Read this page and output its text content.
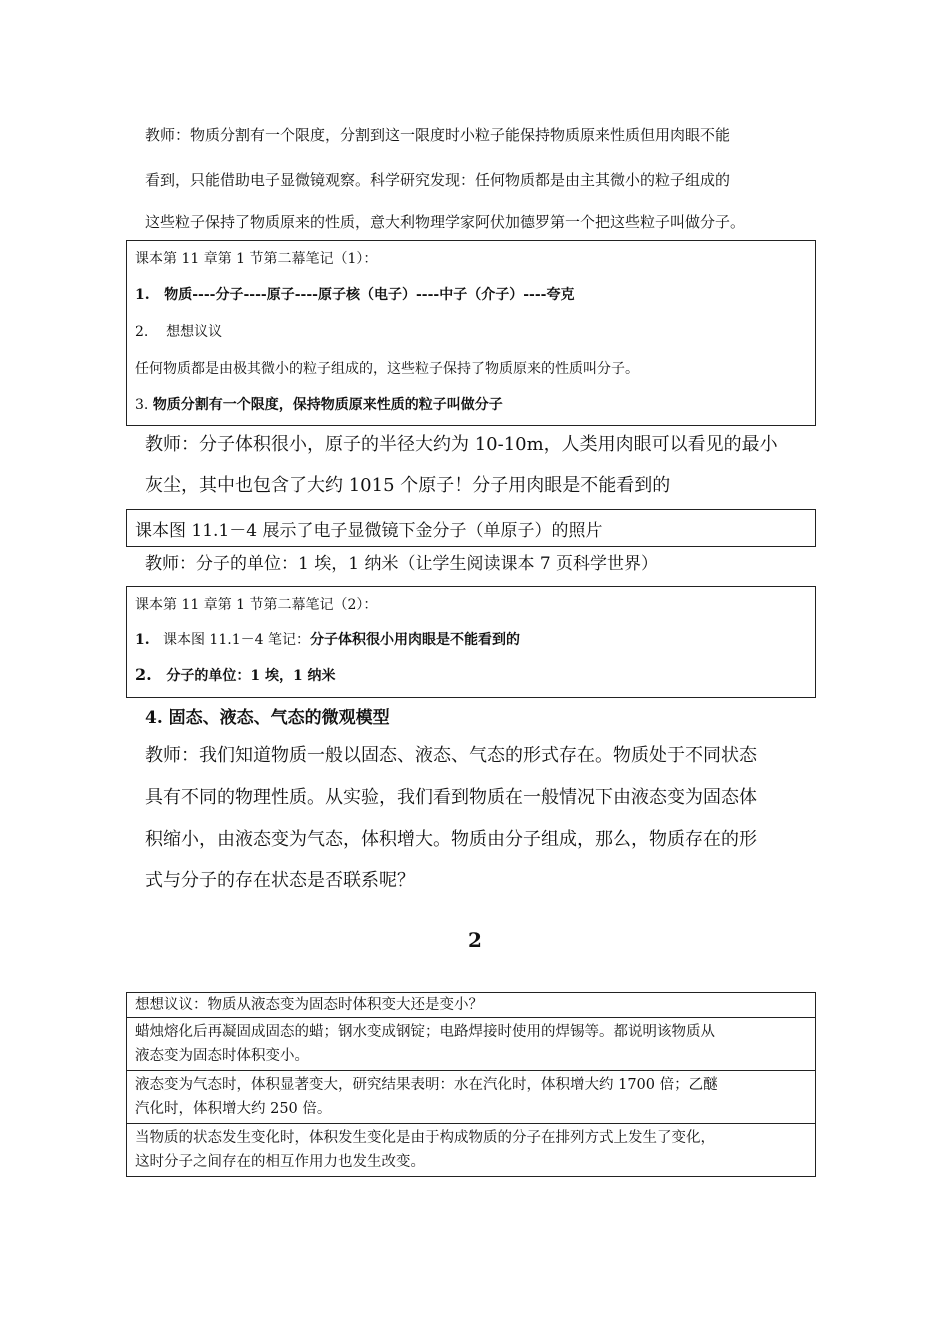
教师：物质分割有一个限度，分割到这一限度时小粒子能保持物质原来性质但用肉眼不能
看到，只能借助电子显微镜观察。科学研究发现：任何物质都是由主其微小的粒子组成的
这些粒子保持了物质原来的性质，意大利物理学家阿伏加德罗第一个把这些粒子叫做分子。
课本第 11 章第 1 节第二幕笔记（1）：
1. 物质----分子----原子----原子核（电子）----中子（介子）----夸克
2. 想想议议
任何物质都是由极其微小的粒子组成的，这些粒子保持了物质原来的性质叫分子。
3. 物质分割有一个限度，保持物质原来性质的粒子叫做分子
教师：分子体积很小，原子的半径大约为 10-10m，人类用肉眼可以看见的最小
灰尘，其中也包含了大约 1015 个原子！分子用肉眼是不能看到的
课本图 11.1－4 展示了电子显微镜下金分子（单原子）的照片
教师：分子的单位：1 埃，1 纳米（让学生阅读课本 7 页科学世界）
课本第 11 章第 1 节第二幕笔记（2）：
1. 课本图 11.1－4 笔记：分子体积很小用肉眼是不能看到的
2. 分子的单位：1 埃，1 纳米
4. 固态、液态、气态的微观模型
教师：我们知道物质一般以固态、液态、气态的形式存在。物质处于不同状态
具有不同的物理性质。从实验，我们看到物质在一般情况下由液态变为固态体
积缩小，由液态变为气态，体积增大。物质由分子组成，那么，物质存在的形
式与分子的存在状态是否联系呢？
2
想想议议：物质从液态变为固态时体积变大还是变小？

蜡烛熔化后再凝固成固态的蜡；钢水变成钢锭；电路焊接时使用的焊锡等。都说明该物质从
液态变为固态时体积变小。

液态变为气态时，体积显著变大，研究结果表明：水在汽化时，体积增大约 1700 倍；乙醚
汽化时，体积增大约 250 倍。

当物质的状态发生变化时，体积发生变化是由于构成物质的分子在排列方式上发生了变化，
这时分子之间存在的相互作用力也发生改变。
